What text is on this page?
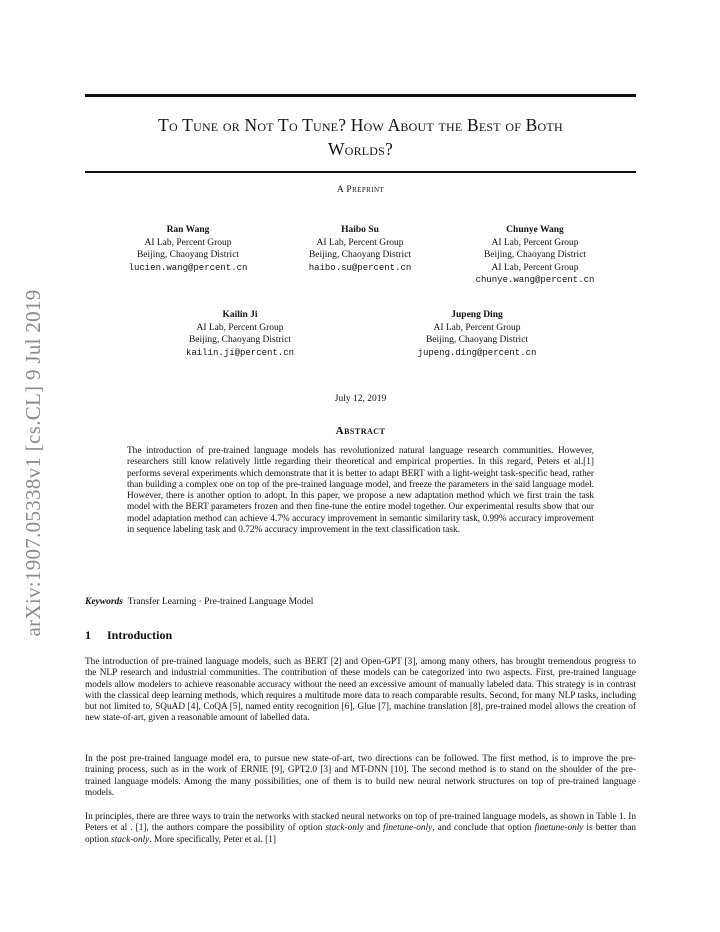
arXiv:1907.05338v1 [cs.CL] 9 Jul 2019
To Tune or Not To Tune? How About the Best of Both
Worlds?
A Preprint
Ran Wang
AI Lab, Percent Group
Beijing, Chaoyang District
lucien.wang@percent.cn
Haibo Su
AI Lab, Percent Group
Beijing, Chaoyang District
haibo.su@percent.cn
Chunye Wang
AI Lab, Percent Group
Beijing, Chaoyang District
AI Lab, Percent Group
chunye.wang@percent.cn
Kailin Ji
AI Lab, Percent Group
Beijing, Chaoyang District
kailin.ji@percent.cn
Jupeng Ding
AI Lab, Percent Group
Beijing, Chaoyang District
jupeng.ding@percent.cn
July 12, 2019
Abstract
The introduction of pre-trained language models has revolutionized natural language research communities. However, researchers still know relatively little regarding their theoretical and empirical properties. In this regard, Peters et al.[1] performs several experiments which demonstrate that it is better to adapt BERT with a light-weight task-specific head, rather than building a complex one on top of the pre-trained language model, and freeze the parameters in the said language model. However, there is another option to adopt. In this paper, we propose a new adaptation method which we first train the task model with the BERT parameters frozen and then fine-tune the entire model together. Our experimental results show that our model adaptation method can achieve 4.7% accuracy improvement in semantic similarity task, 0.99% accuracy improvement in sequence labeling task and 0.72% accuracy improvement in the text classification task.
Keywords Transfer Learning · Pre-trained Language Model
1 Introduction

The introduction of pre-trained language models, such as BERT [2] and Open-GPT [3], among many others, has brought tremendous progress to the NLP research and industrial communities. The contribution of these models can be categorized into two aspects. First, pre-trained language models allow modelers to achieve reasonable accuracy without the need an excessive amount of manually labeled data. This strategy is in contrast with the classical deep learning methods, which requires a multitude more data to reach comparable results. Second, for many NLP tasks, including but not limited to, SQuAD [4], CoQA [5], named entity recognition [6], Glue [7], machine translation [8], pre-trained model allows the creation of new state-of-art, given a reasonable amount of labelled data.

In the post pre-trained language model era, to pursue new state-of-art, two directions can be followed. The first method, is to improve the pre-training process, such as in the work of ERNIE [9], GPT2.0 [3] and MT-DNN [10]. The second method is to stand on the shoulder of the pre-trained language models. Among the many possibilities, one of them is to build new neural network structures on top of pre-trained language models.

In principles, there are three ways to train the networks with stacked neural networks on top of pre-trained language models, as shown in Table 1. In Peters et al . [1], the authors compare the possibility of option stack-only and finetune-only, and conclude that option finetune-only is better than option stack-only. More specifically, Peter et al. [1]
